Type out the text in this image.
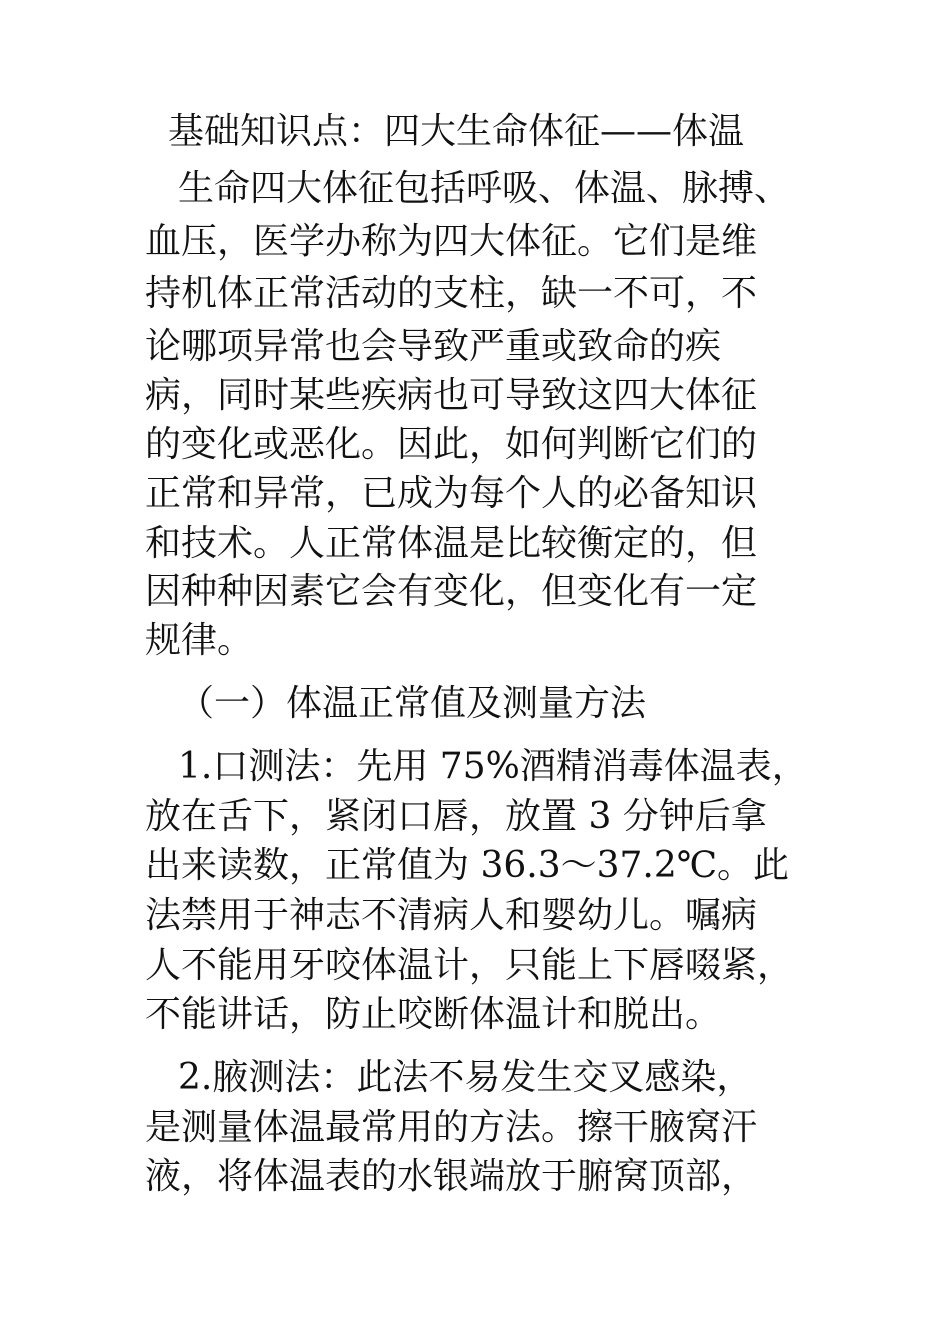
基础知识点：四大生命体征——体温
生命四大体征包括呼吸、体温、脉搏、
血压，医学办称为四大体征。它们是维
持机体正常活动的支柱，缺一不可，不
论哪项异常也会导致严重或致命的疾
病，同时某些疾病也可导致这四大体征
的变化或恶化。因此，如何判断它们的
正常和异常，已成为每个人的必备知识
和技术。人正常体温是比较衡定的，但
因种种因素它会有变化，但变化有一定
规律。
（一）体温正常值及测量方法
1.口测法：先用 75%酒精消毒体温表，
放在舌下，紧闭口唇，放置 3 分钟后拿
出来读数，正常值为 36.3～37.2℃。此
法禁用于神志不清病人和婴幼儿。嘱病
人不能用牙咬体温计，只能上下唇啜紧，
不能讲话，防止咬断体温计和脱出。
2.腋测法：此法不易发生交叉感染，
是测量体温最常用的方法。擦干腋窝汗
液，将体温表的水银端放于腑窝顶部，
